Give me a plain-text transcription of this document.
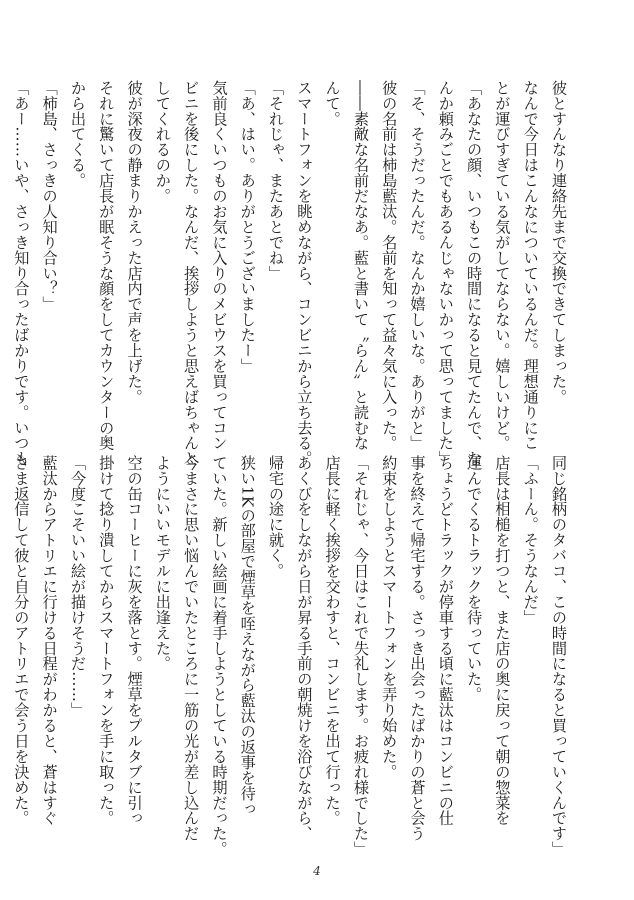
彼とすんなり連絡先まで交換できてしまった。

なんで今日はこんなについているんだ。理想通りにこ

とが運びすぎている気がしてならない。嬉しいけど。

「あなたの顔、いつもこの時間になると見てたんで、な

んか頼みごとでもあるんじゃないかって思ってました」

「そ、そうだったんだ。なんか嬉しいな。ありがと」

彼の名前は柿島藍汰。名前を知って益々気に入った。

――素敵な名前だなあ。藍と書いて〝らん〟と読むな

んて。

スマートフォンを眺めながら、コンビニから立ち去る。

「それじゃ、またあとでね」

「あ、はい。ありがとうございましたー」

気前良くいつものお気に入りのメビウスを買ってコン

ビニを後にした。なんだ、挨拶しようと思えばちゃんと

してくれるのか。

彼が深夜の静まりかえった店内で声を上げた。

それに驚いて店長が眠そうな顔をしてカウンターの奥

から出てくる。

「柿島、さっきの人知り合い？」

「あー……いや、さっき知り合ったばかりです。いつも

同じ銘柄のタバコ、この時間になると買っていくんです」

「ふーん。そうなんだ」

店長は相槌を打つと、また店の奥に戻って朝の惣菜を

運んでくるトラックを待っていた。

ちょうどトラックが停車する頃に藍汰はコンビニの仕

事を終えて帰宅する。さっき出会ったばかりの蒼と会う

約束をしようとスマートフォンを弄り始めた。

「それじゃ、今日はこれで失礼します。お疲れ様でした」

店長に軽く挨拶を交わすと、コンビニを出て行った。

あくびをしながら日が昇る手前の朝焼けを浴びながら、

帰宅の途に就く。

狭い1Kの部屋で煙草を咥えながら藍汰の返事を待っ

ていた。新しい絵画に着手しようとしている時期だった。

今まさに思い悩んでいたところに一筋の光が差し込んだ

ようにいいモデルに出逢えた。

空の缶コーヒーに灰を落とす。煙草をプルタブに引っ

掛けて捻り潰してからスマートフォンを手に取った。

「今度こそいい絵が描けそうだ……」

藍汰からアトリエに行ける日程がわかると、蒼はすぐ

さま返信して彼と自分のアトリエで会う日を決めた。

4
